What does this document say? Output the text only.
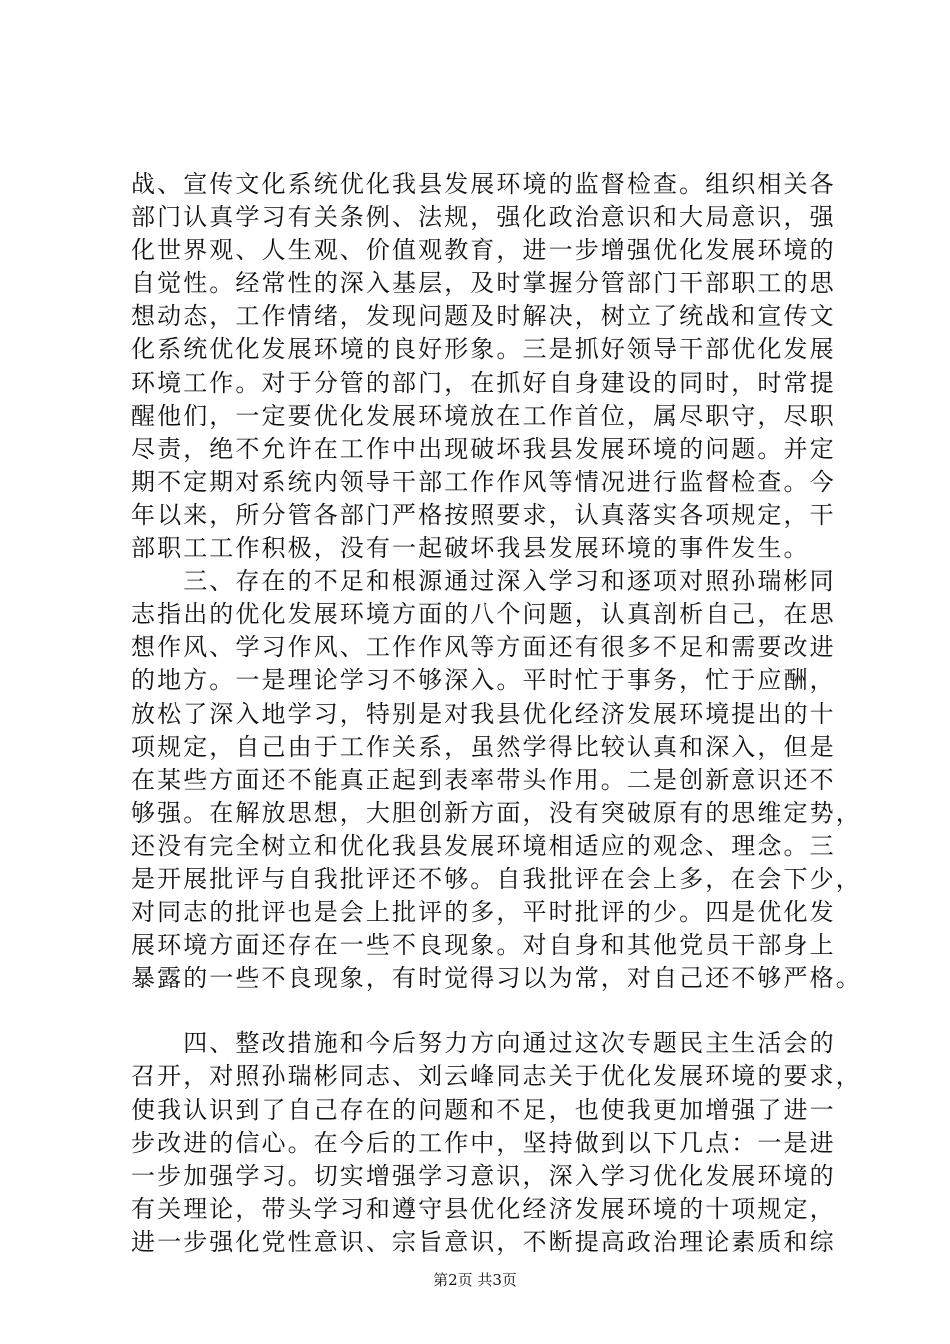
战、宣传文化系统优化我县发展环境的监督检查。组织相关各
部门认真学习有关条例、法规，强化政治意识和大局意识，强
化世界观、人生观、价值观教育，进一步增强优化发展环境的
自觉性。经常性的深入基层，及时掌握分管部门干部职工的思
想动态，工作情绪，发现问题及时解决，树立了统战和宣传文
化系统优化发展环境的良好形象。三是抓好领导干部优化发展
环境工作。对于分管的部门，在抓好自身建设的同时，时常提
醒他们，一定要优化发展环境放在工作首位，属尽职守，尽职
尽责，绝不允许在工作中出现破坏我县发展环境的问题。并定
期不定期对系统内领导干部工作作风等情况进行监督检查。今
年以来，所分管各部门严格按照要求，认真落实各项规定，干
部职工工作积极，没有一起破坏我县发展环境的事件发生。
　　三、存在的不足和根源通过深入学习和逐项对照孙瑞彬同
志指出的优化发展环境方面的八个问题，认真剖析自己，在思
想作风、学习作风、工作作风等方面还有很多不足和需要改进
的地方。一是理论学习不够深入。平时忙于事务，忙于应酬，
放松了深入地学习，特别是对我县优化经济发展环境提出的十
项规定，自己由于工作关系，虽然学得比较认真和深入，但是
在某些方面还不能真正起到表率带头作用。二是创新意识还不
够强。在解放思想，大胆创新方面，没有突破原有的思维定势，
还没有完全树立和优化我县发展环境相适应的观念、理念。三
是开展批评与自我批评还不够。自我批评在会上多，在会下少，
对同志的批评也是会上批评的多，平时批评的少。四是优化发
展环境方面还存在一些不良现象。对自身和其他党员干部身上
暴露的一些不良现象，有时觉得习以为常，对自己还不够严格。
　　四、整改措施和今后努力方向通过这次专题民主生活会的
召开，对照孙瑞彬同志、刘云峰同志关于优化发展环境的要求，
使我认识到了自己存在的问题和不足，也使我更加增强了进一
步改进的信心。在今后的工作中，坚持做到以下几点：一是进
一步加强学习。切实增强学习意识，深入学习优化发展环境的
有关理论，带头学习和遵守县优化经济发展环境的十项规定，
进一步强化党性意识、宗旨意识，不断提高政治理论素质和综
第2页 共3页
